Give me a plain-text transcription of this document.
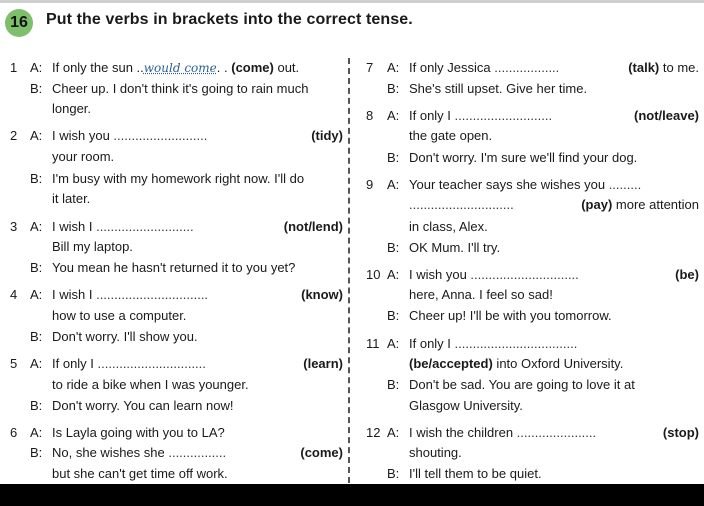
16	Put the verbs in brackets into the correct tense.
1 A: If only the sun ..would come. . (come) out.
B: Cheer up. I don't think it's going to rain much
longer.
2 A: I wish you ..........................	(tidy)
your room.
B: I'm busy with my homework right now. I'll do
it later.
3 A: I wish I ...........................	(not/lend)
Bill my laptop.
B: You mean he hasn't returned it to you yet?
4 A: I wish I ...............................	(know)
how to use a computer.
B: Don't worry. I'll show you.
5 A: If only I ..............................	(learn)
to ride a bike when I was younger.
B: Don't worry. You can learn now!
6 A: Is Layla going with you to LA?
B: No, she wishes she ................	(come)
but she can't get time off work.
7 A: If only Jessica ..................	(talk) to me.
B: She's still upset. Give her time.
8 A: If only I ...........................	(not/leave)
the gate open.
B: Don't worry. I'm sure we'll find your dog.
9 A: Your teacher says she wishes you .........
.............................	(pay) more attention
in class, Alex.
B: OK Mum. I'll try.
10 A: I wish you ..............................	(be)
here, Anna. I feel so sad!
B: Cheer up! I'll be with you tomorrow.
11 A: If only I ..................................
(be/accepted) into Oxford University.
B: Don't be sad. You are going to love it at
Glasgow University.
12 A: I wish the children ......................	(stop)
shouting.
B: I'll tell them to be quiet.
